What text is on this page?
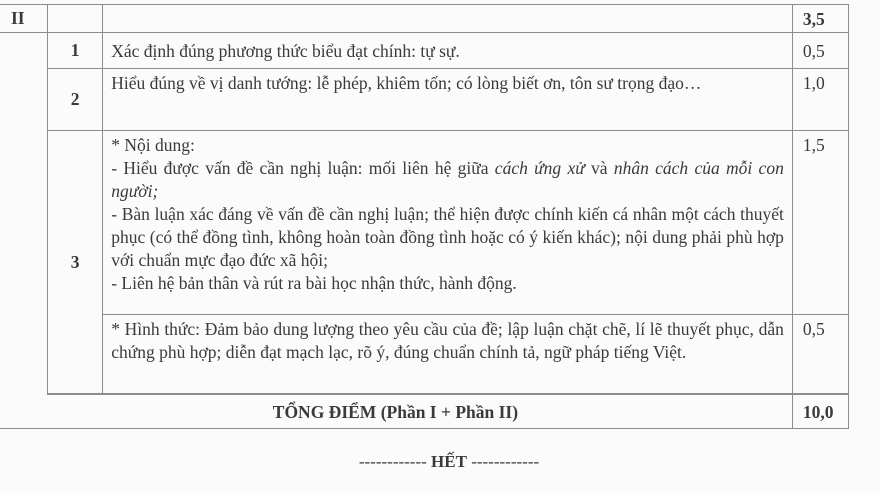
II			3,5
	1	Xác định đúng phương thức biểu đạt chính: tự sự.	0,5
	2	Hiểu đúng về vị danh tướng: lễ phép, khiêm tốn; có lòng biết ơn, tôn sư trọng đạo…	1,0
	3	* Nội dung:
- Hiểu được vấn đề cần nghị luận: mối liên hệ giữa cách ứng xử và nhân cách của mỗi con người;
- Bàn luận xác đáng về vấn đề cần nghị luận; thể hiện được chính kiến cá nhân một cách thuyết phục (có thể đồng tình, không hoàn toàn đồng tình hoặc có ý kiến khác); nội dung phải phù hợp với chuẩn mực đạo đức xã hội;
- Liên hệ bản thân và rút ra bài học nhận thức, hành động.	1,5
		* Hình thức: Đảm bảo dung lượng theo yêu cầu của đề; lập luận chặt chẽ, lí lẽ thuyết phục, dẫn chứng phù hợp; diễn đạt mạch lạc, rõ ý, đúng chuẩn chính tả, ngữ pháp tiếng Việt.	0,5

TỔNG ĐIỂM (Phần I + Phần II)			10,0
------------ HẾT ------------
